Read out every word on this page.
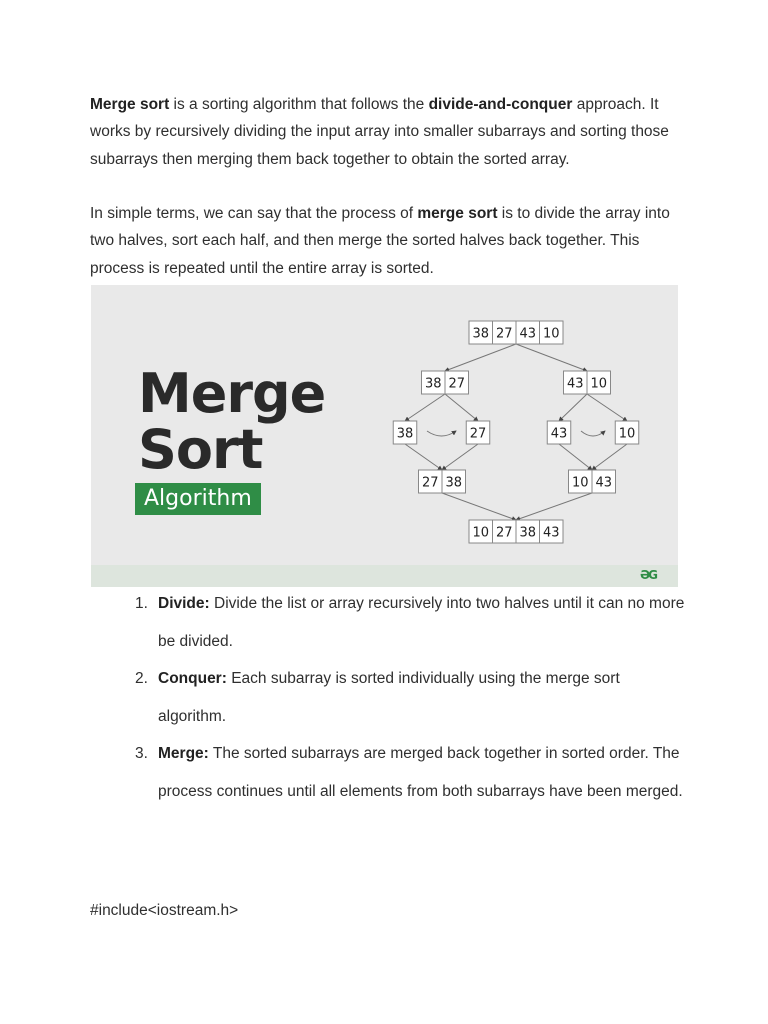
Merge sort is a sorting algorithm that follows the divide-and-conquer approach. It works by recursively dividing the input array into smaller subarrays and sorting those subarrays then merging them back together to obtain the sorted array.

In simple terms, we can say that the process of merge sort is to divide the array into two halves, sort each half, and then merge the sorted halves back together. This process is repeated until the entire array is sorted.

Merge
Sort
Algorithm
38 27 43 10
38 27	43 10
38	27	43	10
27 38	10 43
10 27 38 43
ƏG
1. Divide: Divide the list or array recursively into two halves until it can no more be divided.
2. Conquer: Each subarray is sorted individually using the merge sort algorithm.
3. Merge: The sorted subarrays are merged back together in sorted order. The process continues until all elements from both subarrays have been merged.

#include<iostream.h>
